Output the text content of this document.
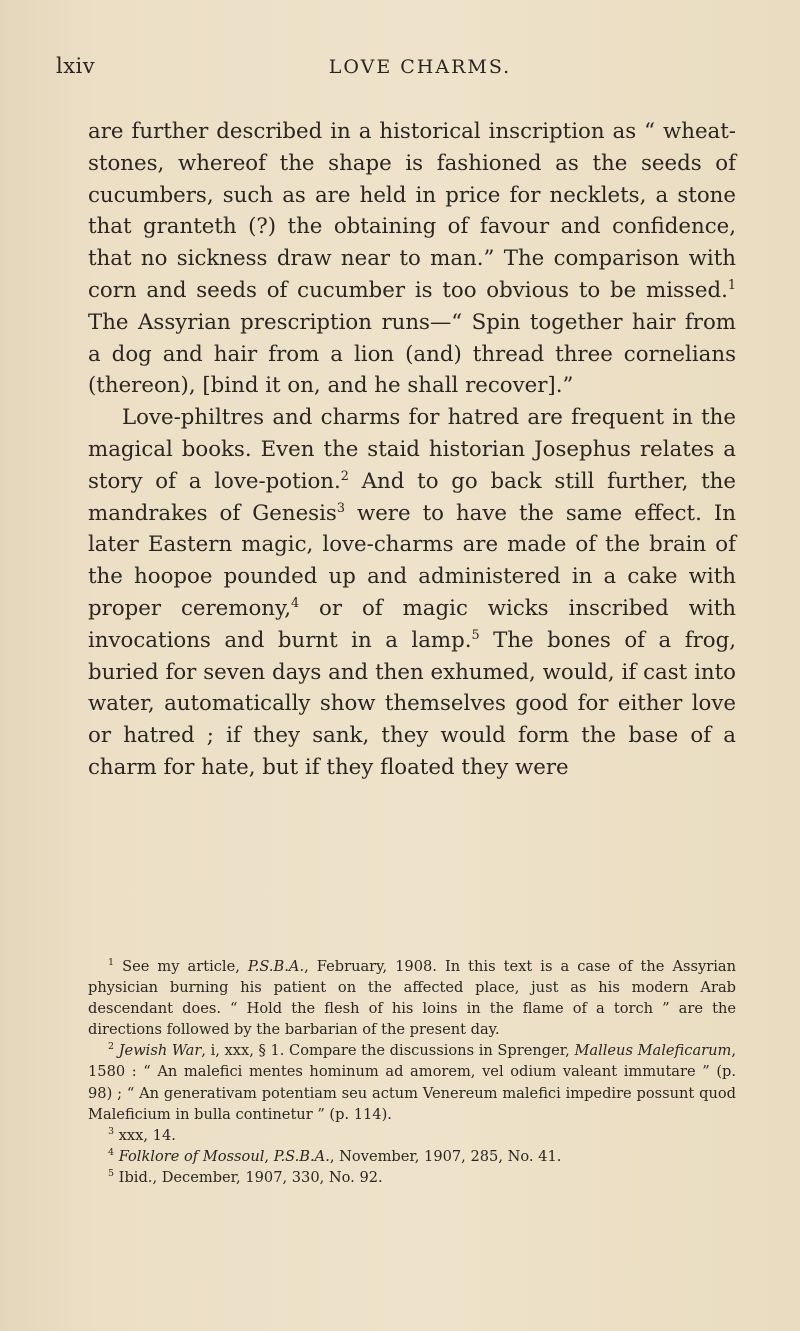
lxiv	LOVE CHARMS.

are further described in a historical inscription as “ wheat-stones, whereof the shape is fashioned as the seeds of cucumbers, such as are held in price for necklets, a stone that granteth (?) the obtaining of favour and confidence, that no sickness draw near to man.” The comparison with corn and seeds of cucumber is too obvious to be missed.$^1$ The Assyrian prescription runs—“ Spin together hair from a dog and hair from a lion (and) thread three cornelians (thereon), [bind it on, and he shall recover].”

Love-philtres and charms for hatred are frequent in the magical books. Even the staid historian Josephus relates a story of a love-potion.$^2$ And to go back still further, the mandrakes of Genesis$^3$ were to have the same effect. In later Eastern magic, love-charms are made of the brain of the hoopoe pounded up and administered in a cake with proper ceremony,$^4$ or of magic wicks inscribed with invocations and burnt in a lamp.$^5$ The bones of a frog, buried for seven days and then exhumed, would, if cast into water, automatically show themselves good for either love or hatred ; if they sank, they would form the base of a charm for hate, but if they floated they were

$^1$ See my article, P.S.B.A., February, 1908. In this text is a case of the Assyrian physician burning his patient on the affected place, just as his modern Arab descendant does. “ Hold the flesh of his loins in the flame of a torch ” are the directions followed by the barbarian of the present day.

$^2$ Jewish War, i, xxx, § 1. Compare the discussions in Sprenger, Malleus Maleficarum, 1580 : “ An malefici mentes hominum ad amorem, vel odium valeant immutare ” (p. 98) ; “ An generativam potentiam seu actum Venereum malefici impedire possunt quod Maleficium in bulla continetur ” (p. 114).

$^3$ xxx, 14.

$^4$ Folklore of Mossoul, P.S.B.A., November, 1907, 285, No. 41.

$^5$ Ibid., December, 1907, 330, No. 92.
